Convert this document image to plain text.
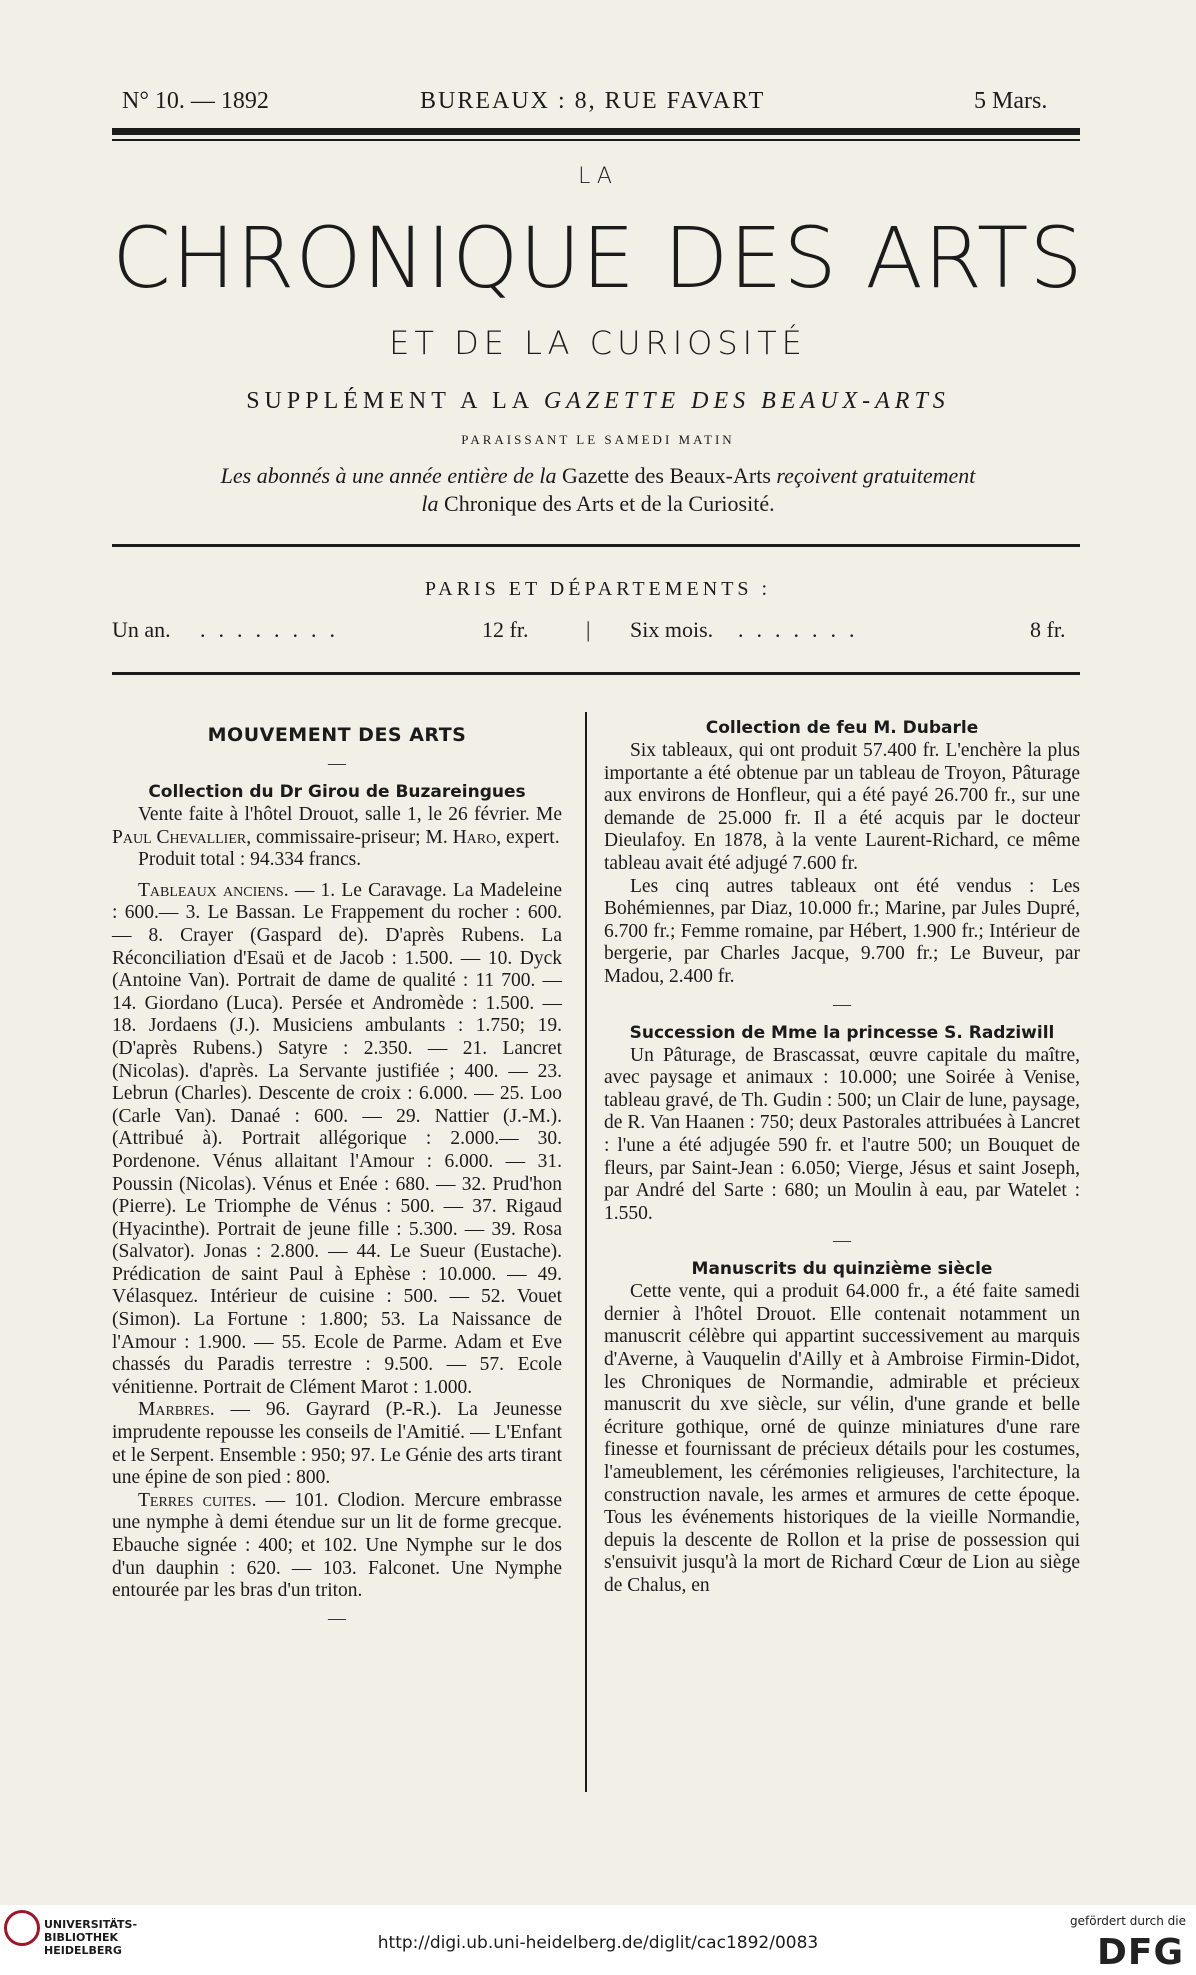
N° 10. — 1892	BUREAUX : 8, RUE FAVART	5 Mars.
LA
CHRONIQUE DES ARTS
ET DE LA CURIOSITÉ
SUPPLÉMENT A LA GAZETTE DES BEAUX-ARTS
PARAISSANT LE SAMEDI MATIN
Les abonnés à une année entière de la Gazette des Beaux-Arts reçoivent gratuitement
la Chronique des Arts et de la Curiosité.
PARIS ET DÉPARTEMENTS :
Un an. ........	12 fr.	| Six mois. .......	8 fr.
MOUVEMENT DES ARTS
—
Collection du Dr Girou de Buzareingues

Vente faite à l'hôtel Drouot, salle 1, le 26 février. Me Paul Chevallier, commissaire-priseur; M. Haro, expert.

Produit total : 94.334 francs.

Tableaux anciens. — 1. Le Caravage. La Madeleine : 600.— 3. Le Bassan. Le Frappement du rocher : 600. — 8. Crayer (Gaspard de). D'après Rubens. La Réconciliation d'Esaü et de Jacob : 1.500. — 10. Dyck (Antoine Van). Portrait de dame de qualité : 11 700. — 14. Giordano (Luca). Persée et Andromède : 1.500. — 18. Jordaens (J.). Musiciens ambulants : 1.750; 19. (D'après Rubens.) Satyre : 2.350. — 21. Lancret (Nicolas). d'après. La Servante justifiée ; 400. — 23. Lebrun (Charles). Descente de croix : 6.000. — 25. Loo (Carle Van). Danaé : 600. — 29. Nattier (J.-M.). (Attribué à). Portrait allégorique : 2.000.— 30. Pordenone. Vénus allaitant l'Amour : 6.000. — 31. Poussin (Nicolas). Vénus et Enée : 680. — 32. Prud'hon (Pierre). Le Triomphe de Vénus : 500. — 37. Rigaud (Hyacinthe). Portrait de jeune fille : 5.300. — 39. Rosa (Salvator). Jonas : 2.800. — 44. Le Sueur (Eustache). Prédication de saint Paul à Ephèse : 10.000. — 49. Vélasquez. Intérieur de cuisine : 500. — 52. Vouet (Simon). La Fortune : 1.800; 53. La Naissance de l'Amour : 1.900. — 55. Ecole de Parme. Adam et Eve chassés du Paradis terrestre : 9.500. — 57. Ecole vénitienne. Portrait de Clément Marot : 1.000.

Marbres. — 96. Gayrard (P.-R.). La Jeunesse imprudente repousse les conseils de l'Amitié. — L'Enfant et le Serpent. Ensemble : 950; 97. Le Génie des arts tirant une épine de son pied : 800.

Terres cuites. — 101. Clodion. Mercure embrasse une nymphe à demi étendue sur un lit de forme grecque. Ebauche signée : 400; et 102. Une Nymphe sur le dos d'un dauphin : 620. — 103. Falconet. Une Nymphe entourée par les bras d'un triton.

—
Collection de feu M. Dubarle

Six tableaux, qui ont produit 57.400 fr. L'enchère la plus importante a été obtenue par un tableau de Troyon, Pâturage aux environs de Honfleur, qui a été payé 26.700 fr., sur une demande de 25.000 fr. Il a été acquis par le docteur Dieulafoy. En 1878, à la vente Laurent-Richard, ce même tableau avait été adjugé 7.600 fr.

Les cinq autres tableaux ont été vendus : Les Bohémiennes, par Diaz, 10.000 fr.; Marine, par Jules Dupré, 6.700 fr.; Femme romaine, par Hébert, 1.900 fr.; Intérieur de bergerie, par Charles Jacque, 9.700 fr.; Le Buveur, par Madou, 2.400 fr.

—
Succession de Mme la princesse S. Radziwill

Un Pâturage, de Brascassat, œuvre capitale du maître, avec paysage et animaux : 10.000; une Soirée à Venise, tableau gravé, de Th. Gudin : 500; un Clair de lune, paysage, de R. Van Haanen : 750; deux Pastorales attribuées à Lancret : l'une a été adjugée 590 fr. et l'autre 500; un Bouquet de fleurs, par Saint-Jean : 6.050; Vierge, Jésus et saint Joseph, par André del Sarte : 680; un Moulin à eau, par Watelet : 1.550.

—
Manuscrits du quinzième siècle

Cette vente, qui a produit 64.000 fr., a été faite samedi dernier à l'hôtel Drouot. Elle contenait notamment un manuscrit célèbre qui appartint successivement au marquis d'Averne, à Vauquelin d'Ailly et à Ambroise Firmin-Didot, les Chroniques de Normandie, admirable et précieux manuscrit du xve siècle, sur vélin, d'une grande et belle écriture gothique, orné de quinze miniatures d'une rare finesse et fournissant de précieux détails pour les costumes, l'ameublement, les cérémonies religieuses, l'architecture, la construction navale, les armes et armures de cette époque. Tous les événements historiques de la vieille Normandie, depuis la descente de Rollon et la prise de possession qui s'ensuivit jusqu'à la mort de Richard Cœur de Lion au siège de Chalus, en

UNIVERSITÄTS-
BIBLIOTHEK
HEIDELBERG	http://digi.ub.uni-heidelberg.de/diglit/cac1892/0083
gefördert durch die
DFG
